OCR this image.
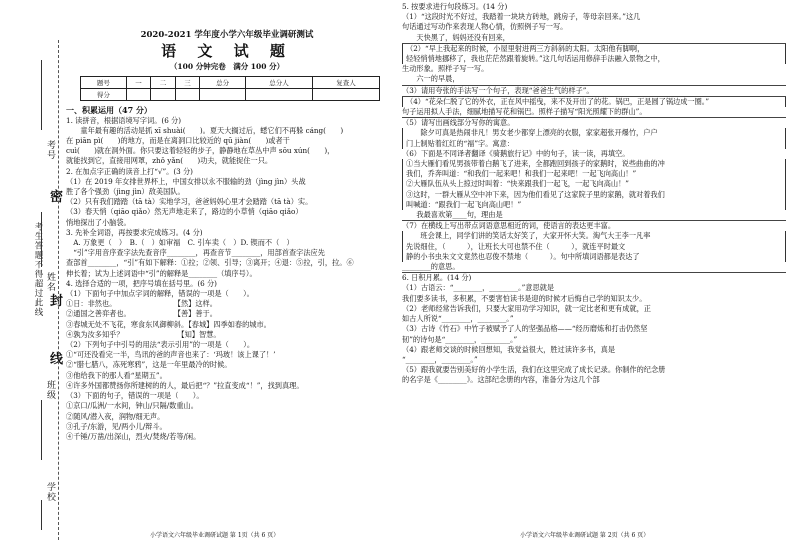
考号
密
考生答题不得超过此线 姓名
封
线
班级
学校
2020-2021 学年度小学六年级毕业调研测试
语 文 试 题
（100 分钟完卷　满分 100 分）
题号	一	二	三	总分	总分人	复查人
得分						
一、积累运用（47 分）
1. 读拼音，根据语境写字词。(6 分)
　　童年最有趣的活动是抓 xī shuài(　　)。夏天大搁过后，蟋它们不再躲 cáng(　　)
在 piān pì(　　)的地方，而是在离洞口比较近的 qū jiàn(　　)或者干
cuì(　　)就在洞外面。你只要这着轻轻的步子，静静地在草丛中声 sōu xún(　　)，
就能找到它，直接用网罩，zhǒ yǎn(　　)功夫，就能捉住一只。
2. 在加点字正确的读音上打“√”。(3 分)
（1）在 2019 年女排世界杯上，中国女排以永不服输的劲（jìng jìn）头战
胜了各个强劲（jìng jìn）敌美国队。
（2）只有我们踏踏（tā tà）实地学习，爸爸妈妈心里才会踏踏（tā tà）实。
（3）春天悄（qiāo qiǎo）然无声地走来了，路边的小草悄（qiāo qiǎo）
悄地探出了小脑袋。
3. 先补全词语，再按要求完成练习。(4 分)
　A. 万象更（　）　B.（　）如审福　C. 引车卖（　）D. 锲而不（　）
　“引”字用音序查字法先查音序________，再查音节________，用部首查字法应先
查部首________，“引”有如下解释：①拉；②领、引导；③离开；④退：⑤拉，引，拉。⑥
伸长着；试为上述词语中“引”的解释是________（填序号）。
4. 选择合适的一项，把序号填在括号里。(6 分)
（1）下面句子中加点字词的解释，错误的一项是（　　）。
①日：非然也。　　　　　　　　　【然】这样。
②通国之善弈者也。　　　　　　　【善】善于。
③春城无处不飞花，寒食东风御柳斜。【春城】四季如春的城市。
④孰为汝多知乎？　　　　　　　　【知】智慧。
（2）下列句子中引号的用法“表示引用”的一项是（　　）。
①“可还没看完一半，鸟讯的爸的声音也来了：‘玛玻！该上课了！’
②“腊七腊八，冻死寒鸦”，这是一年里最冷的时候。
③他给我下的那人看“星期五”。
④许多外国都赞扬你所建树的的人，最后把“？”拉直变成“！”，找到真理。
（3）下面的句子，错误的一项是（　　）。
①京口/瓜洲/一水间，钟山/只隔/数重山。
②随风/潜入夜，润物/细无声。
③孔子/东游，见/两小儿/辩斗。
④千锤/万凿/出深山，烈火/焚烧/若等/闲。
5. 按要求进行句段练习。(14 分)
（1）“这段时光不好过，我踏着一块块方砖地，跳房子，等母亲回来。”这几
句话通过写动作来表现人物心情，仿照例子写一写。
　　天快黑了，妈妈还没有回来，
（2）“早上我起来的时候，小屋里射进两三方斜斜的太阳。太阳他有脚啊，
轻轻悄悄地挪移了，我也茫茫然跟着旋转。”这几句话运用修辞手法融入景物之中，
生动形象。照样子写一写。
　　六一的早晨，
（3）请用夸张的手法写一个句子，表现“爸爸生气的样子”。
（4）“花朵仁脱了它的外衣，正在风中摇曳，来不及开出了的花。锅巴，正是圆了锅边成一圈。”
句子运用拟人手法，细腻地描写花和锅巴。照样子描写“阳光照耀下的群山”。
（5）请写出画线部分写你的寓意。
　　除夕可真是热闹非凡！男女老少都穿上漂亮的衣服，家家超张开爆竹，户户
门上制贴着红红的“福”字。寓意：
（6）下面是不同译者翻译《骑鹅旅行记》中的句子，读一读，再填空。
①当大雁们看见男孩带着白鹅飞了进来，全都跑回到孩子的家鹅时，说些曲曲的冲
我们，乔奔叫道：“和我们一起来吧！和我们一起来吧！一起飞向高山！”
②大雁队伍从头上掠过时叫着：“快来跟我们一起飞，一起飞向高山！”
③这时，一群大雁从空中冲下来，因为他们看见了这家院子里的家鹅，就对着我们
叫喊道：“跟我们一起飞向高山吧！”
　　我最喜欢第____句，理由是
（7）在横线上写出带点词语意思相近的词，使语言的表达更丰富。
　　班会课上，同学们讲的笑话太好笑了，大家开怀大笑。淘气大王李一凡率
先说细住，（　　　），让班长大可也禁不住（　　　），就连平时最文
静的小书虫朱文文竟然也忍俊不禁地（　　　）。句中所填词语都是表达了
________的意思。
6. 日积月累。(14 分)
（1）古语云：“________，________。”意思就是
我们要多读书，多积累，不要害怕读书是迎的时候才后悔自己学的知识太少。
（2）老师经常告诉我们，只要大家用功学习知识，就一定比老和更有成就，正
如古人所说“________，________。”
（3）古诗《竹石》中竹子被赋予了人的坚强品格——“经历磨炼和打击仍然坚
韧”的诗句是“________，________。”
（4）跟老师交谈的时候回想知，我觉益很大，胜过读许多书，真是
“________，________。”
（5）跟我就要告别美好的小学生活，我们在这里完成了成长记录。你制作的纪念册
的名字是《________》。这部纪念册的内容，准备分为这几个部
小学语文六年级毕业调研试题 第 1页（共 6 页）	小学语文六年级毕业调研试题 第 2页（共 6 页）
